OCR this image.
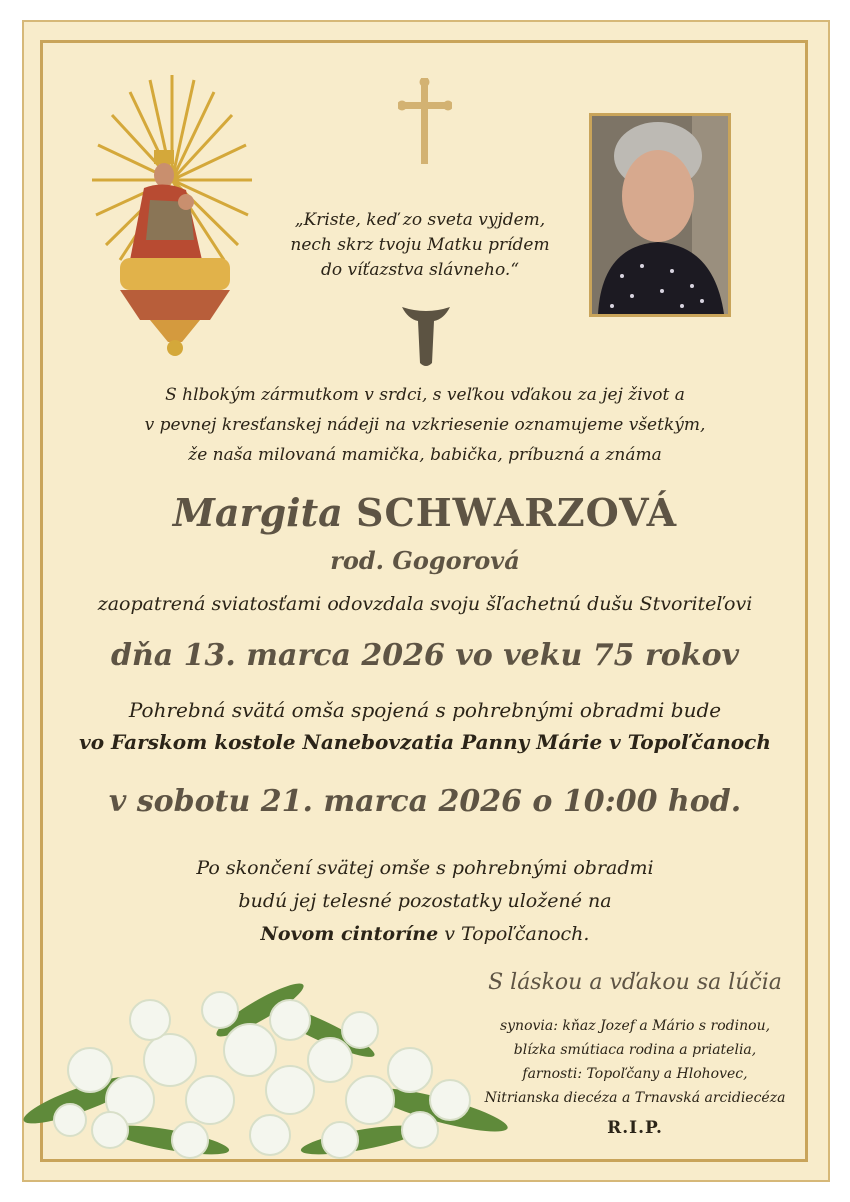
„Kriste, keď zo sveta vyjdem,
nech skrz tvoju Matku prídem
do víťazstva slávneho.“
S hlbokým zármutkom v srdci, s veľkou vďakou za jej život a
v pevnej kresťanskej nádeji na vzkriesenie oznamujeme všetkým,
že naša milovaná mamička, babička, príbuzná a známa
Margita SCHWARZOVÁ
rod. Gogorová
zaopatrená sviatosťami odovzdala svoju šľachetnú dušu Stvoriteľovi
dňa 13. marca 2026 vo veku 75 rokov
Pohrebná svätá omša spojená s pohrebnými obradmi bude
vo Farskom kostole Nanebovzatia Panny Márie v Topoľčanoch
v sobotu 21. marca 2026 o 10:00 hod.
Po skončení svätej omše s pohrebnými obradmi
budú jej telesné pozostatky uložené na
Novom cintoríne v Topoľčanoch.
S láskou a vďakou sa lúčia
synovia: kňaz Jozef a Mário s rodinou,
blízka smútiaca rodina a priatelia,
farnosti: Topoľčany a Hlohovec,
Nitrianska diecéza a Trnavská arcidiecéza
R.I.P.
